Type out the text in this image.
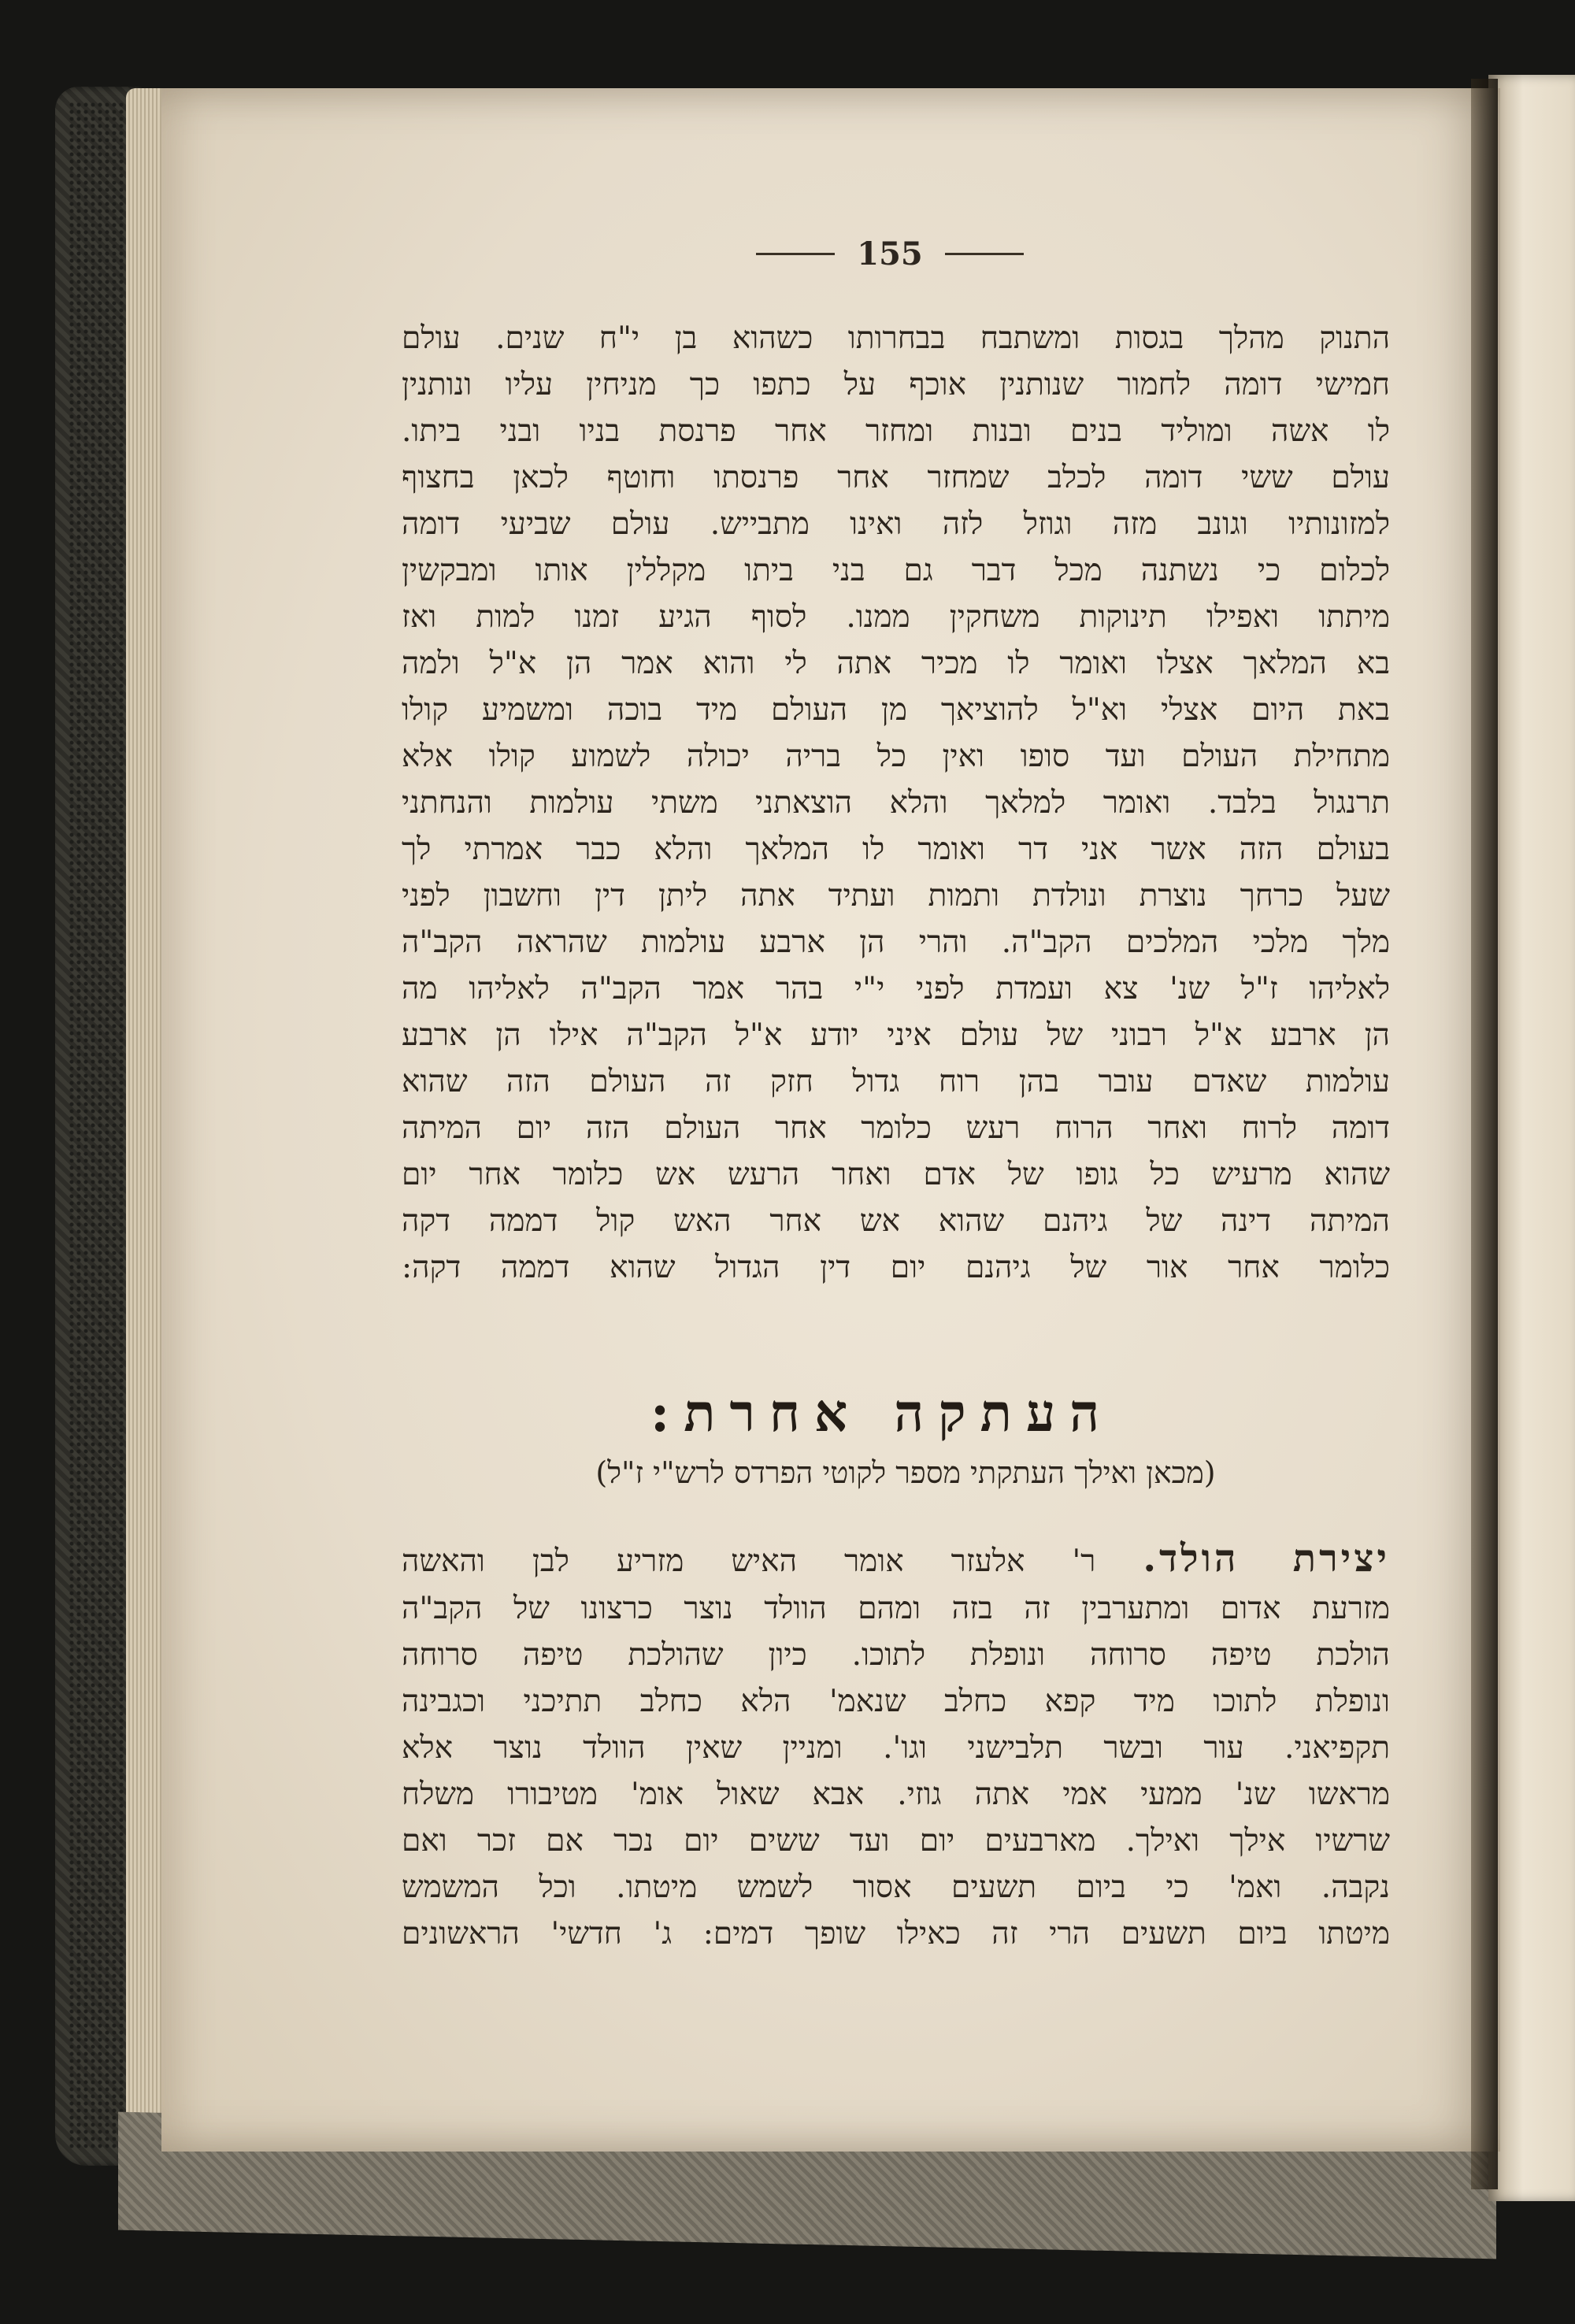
155
התנוק מהלך בגסות ומשתבח בבחרותו כשהוא בן י"ח שנים. עולם
חמישי דומה לחמור שנותנין אוכף על כתפו כך מניחין עליו ונותנין
לו אשה ומוליד בנים ובנות ומחזר אחר פרנסת בניו ובני ביתו.
עולם ששי דומה לכלב שמחזר אחר פרנסתו וחוטף לכאן בחצוף
למזונותיו וגונב מזה וגוזל לזה ואינו מתבייש. עולם שביעי דומה
לכלום כי נשתנה מכל דבר גם בני ביתו מקללין אותו ומבקשין
מיתתו ואפילו תינוקות משחקין ממנו. לסוף הגיע זמנו למות ואז
בא המלאך אצלו ואומר לו מכיר אתה לי והוא אמר הן א"ל ולמה
באת היום אצלי וא"ל להוציאך מן העולם מיד בוכה ומשמיע קולו
מתחילת העולם ועד סופו ואין כל בריה יכולה לשמוע קולו אלא
תרנגול בלבד. ואומר למלאך והלא הוצאתני משתי עולמות והנחתני
בעולם הזה אשר אני דר ואומר לו המלאך והלא כבר אמרתי לך
שעל כרחך נוצרת ונולדת ותמות ועתיד אתה ליתן דין וחשבון לפני
מלך מלכי המלכים הקב"ה. והרי הן ארבע עולמות שהראה הקב"ה
לאליהו ז"ל שנ' צא ועמדת לפני י"י בהר אמר הקב"ה לאליהו מה
הן ארבע א"ל רבוני של עולם איני יודע א"ל הקב"ה אילו הן ארבע
עולמות שאדם עובר בהן רוח גדול חזק זה העולם הזה שהוא
דומה לרוח ואחר הרוח רעש כלומר אחר העולם הזה יום המיתה
שהוא מרעיש כל גופו של אדם ואחר הרעש אש כלומר אחר יום
המיתה דינה של גיהנם שהוא אש אחר האש קול דממה דקה
כלומר אחר אור של גיהנם יום דין הגדול שהוא דממה דקה:
העתקה אחרת:
(מכאן ואילך העתקתי מספר לקוטי הפרדס לרש"י ז"ל)
יצירת הולד. ר' אלעזר אומר האיש מזריע לבן והאשה
מזרעת אדום ומתערבין זה בזה ומהם הוולד נוצר כרצונו של הקב"ה
הולכת טיפה סרוחה ונופלת לתוכו. כיון שהולכת טיפה סרוחה
ונופלת לתוכו מיד קפא כחלב שנאמ' הלא כחלב תתיכני וכגבינה
תקפיאני. עור ובשר תלבישני וגו'. ומניין שאין הוולד נוצר אלא
מראשו שנ' ממעי אמי אתה גוזי. אבא שאול אומ' מטיבורו משלח
שרשיו אילך ואילך. מארבעים יום ועד ששים יום נכר אם זכר ואם
נקבה. ואמ' כי ביום תשעים אסור לשמש מיטתו. וכל המשמש
מיטתו ביום תשעים הרי זה כאילו שופך דמים: ג' חדשי' הראשונים
